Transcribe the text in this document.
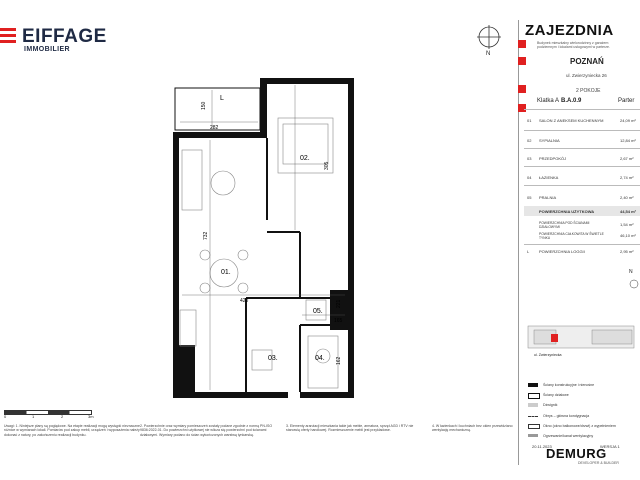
EIFFAGE
IMMOBILIER
N
01.
02.
03.	04.
05.
L
150
282
305
732
420
165
221
162
0	1	2	3m
Uwagi: 1. Niniejsze plany są poglądowe. Na etapie realizacji mogą wystąpić nieznaczne różnice w wymiarach lokali. Pomiarów pod zakup mebli, urządzeń i wyposażenia należy dokonać z natury, po zakończeniu realizacji budynku.
2. Powierzchnie oraz wymiary pomieszczeń zostały podane zgodnie z normą PN-ISO 9836:2022-01. Do powierzchni użytkowej nie wlicza się powierzchni pod ścianami działowymi. Wymiary podano do ścian wykończonych warstwą tynkarską.
3. Elementy aranżacji mieszkania takie jak meble, armatura, sprzęt AGD i RTV nie stanowią oferty handlowej. Rozmieszczenie mebli jest przykładowe.
4. W łazienkach i kuchniach bez okien przewidziano wentylację mechaniczną.
ZAJEZDNIA
Budynek mieszkalny wielorodzinny z garażem podziemnym i lokalami usługowymi w parterze.
POZNAŃ
ul. Zwierzyniecka 26
2 POKOJE
Klatka A B.A.0.9	Parter
01 SALON Z ANEKSEM KUCHENNYM	24,09 m²
02 SYPIALNIA	12,84 m²
03 PRZEDPOKÓJ	2,67 m²
04 ŁAZIENKA	2,74 m²
05 PRALNIA	2,40 m²
POWIERZCHNIA UŻYTKOWA	44,54 m²
POWIERZCHNIA POD ŚCIANAMI DZIAŁOWYMI	1,54 m²
POWIERZCHNIA CAŁKOWITA W ŚWIETLE TYNKU	46,10 m²
L POWIERZCHNIA LOGGII	2,95 m²
N
ul. Zwierzyniecka
Ściany konstrukcyjne i nienośne
Ściany działowe
Dźwignik
Obrys – główna kondygnacja
Okno (okno balkonowe/drzwi) z wypełnieniem
Ogrzewanie/kanał wentylacyjny
20.11.2023	WERSJA 1
DEMURG
DEVELOPER & BUILDER
